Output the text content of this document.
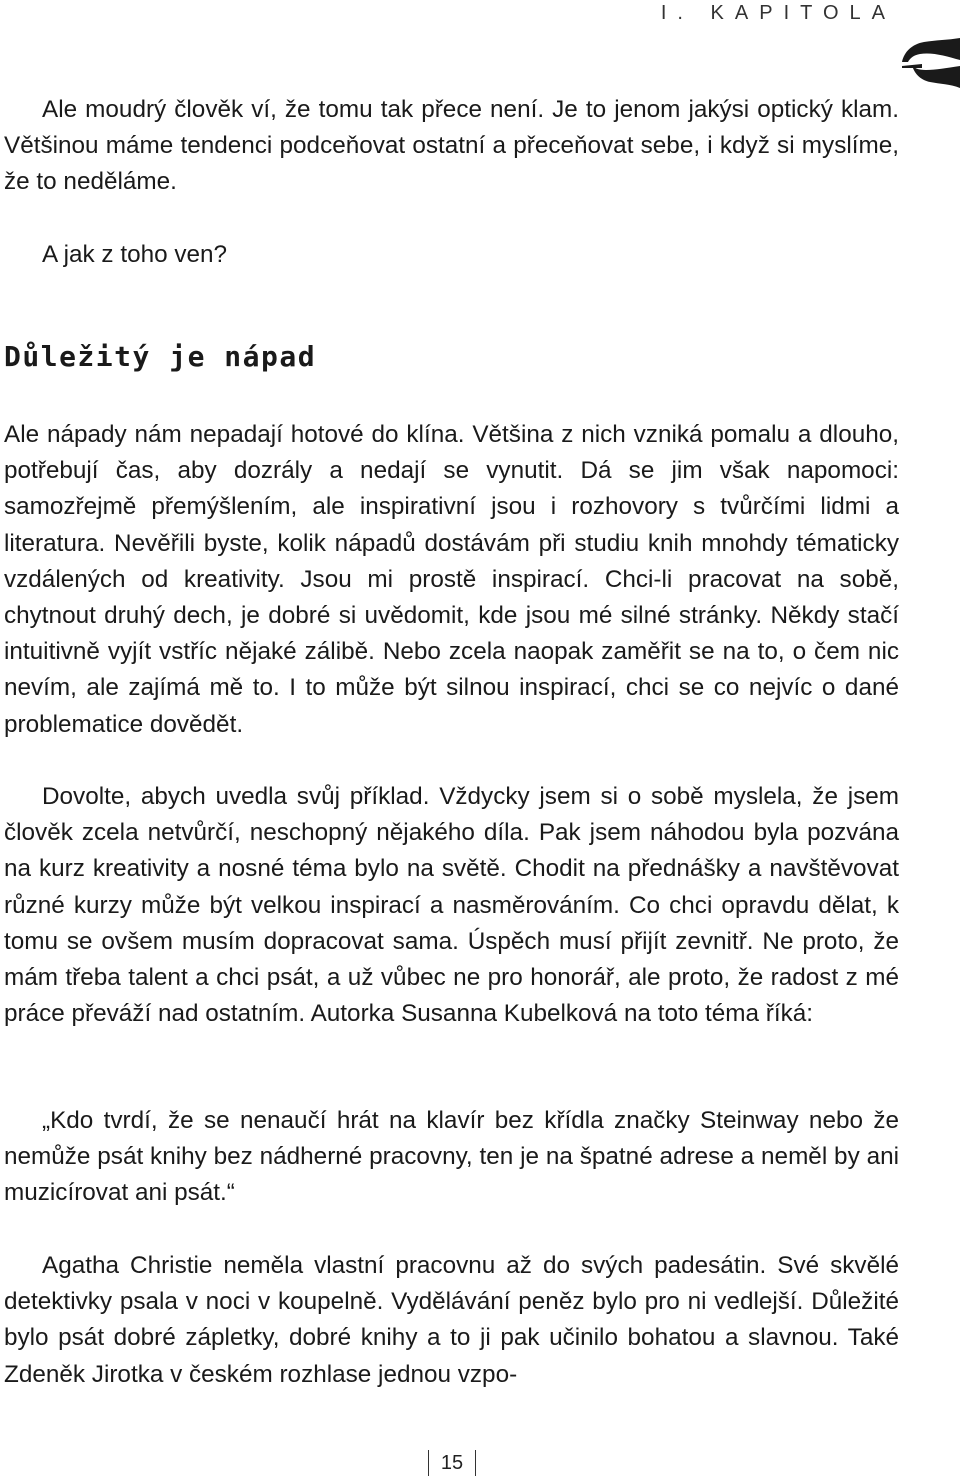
I. KAPITOLA

Ale moudrý člověk ví, že tomu tak přece není. Je to jenom jakýsi optický klam. Většinou máme tendenci podceňovat ostatní a přeceňovat sebe, i když si myslíme, že to neděláme.

A jak z toho ven?

Důležitý je nápad

Ale nápady nám nepadají hotové do klína. Většina z nich vzniká pomalu a dlouho, potřebují čas, aby dozrály a nedají se vynutit. Dá se jim však napomoci: samozřejmě přemýšlením, ale inspirativní jsou i rozhovory s tvůrčími lidmi a literatura. Nevěřili byste, kolik nápadů dostávám při studiu knih mnohdy tématicky vzdálených od kreativity. Jsou mi prostě inspirací. Chci-li pracovat na sobě, chytnout druhý dech, je dobré si uvědomit, kde jsou mé silné stránky. Někdy stačí intuitivně vyjít vstříc nějaké zálibě. Nebo zcela naopak zaměřit se na to, o čem nic nevím, ale zajímá mě to. I to může být silnou inspirací, chci se co nejvíc o dané problematice dovědět.

Dovolte, abych uvedla svůj příklad. Vždycky jsem si o sobě myslela, že jsem člověk zcela netvůrčí, neschopný nějakého díla. Pak jsem náhodou byla pozvána na kurz kreativity a nosné téma bylo na světě. Chodit na přednášky a navštěvovat různé kurzy může být velkou inspirací a nasměrováním. Co chci opravdu dělat, k tomu se ovšem musím dopracovat sama. Úspěch musí přijít zevnitř. Ne proto, že mám třeba talent a chci psát, a už vůbec ne pro honorář, ale proto, že radost z mé práce převáží nad ostatním. Autorka Susanna Kubelková na toto téma říká:

„Kdo tvrdí, že se nenaučí hrát na klavír bez křídla značky Steinway nebo že nemůže psát knihy bez nádherné pracovny, ten je na špatné adrese a neměl by ani muzicírovat ani psát.“

Agatha Christie neměla vlastní pracovnu až do svých padesátin. Své skvělé detektivky psala v noci v koupelně. Vydělávání peněz bylo pro ni vedlejší. Důležité bylo psát dobré zápletky, dobré knihy a to ji pak učinilo bohatou a slavnou. Také Zdeněk Jirotka v českém rozhlase jednou vzpo-

15
